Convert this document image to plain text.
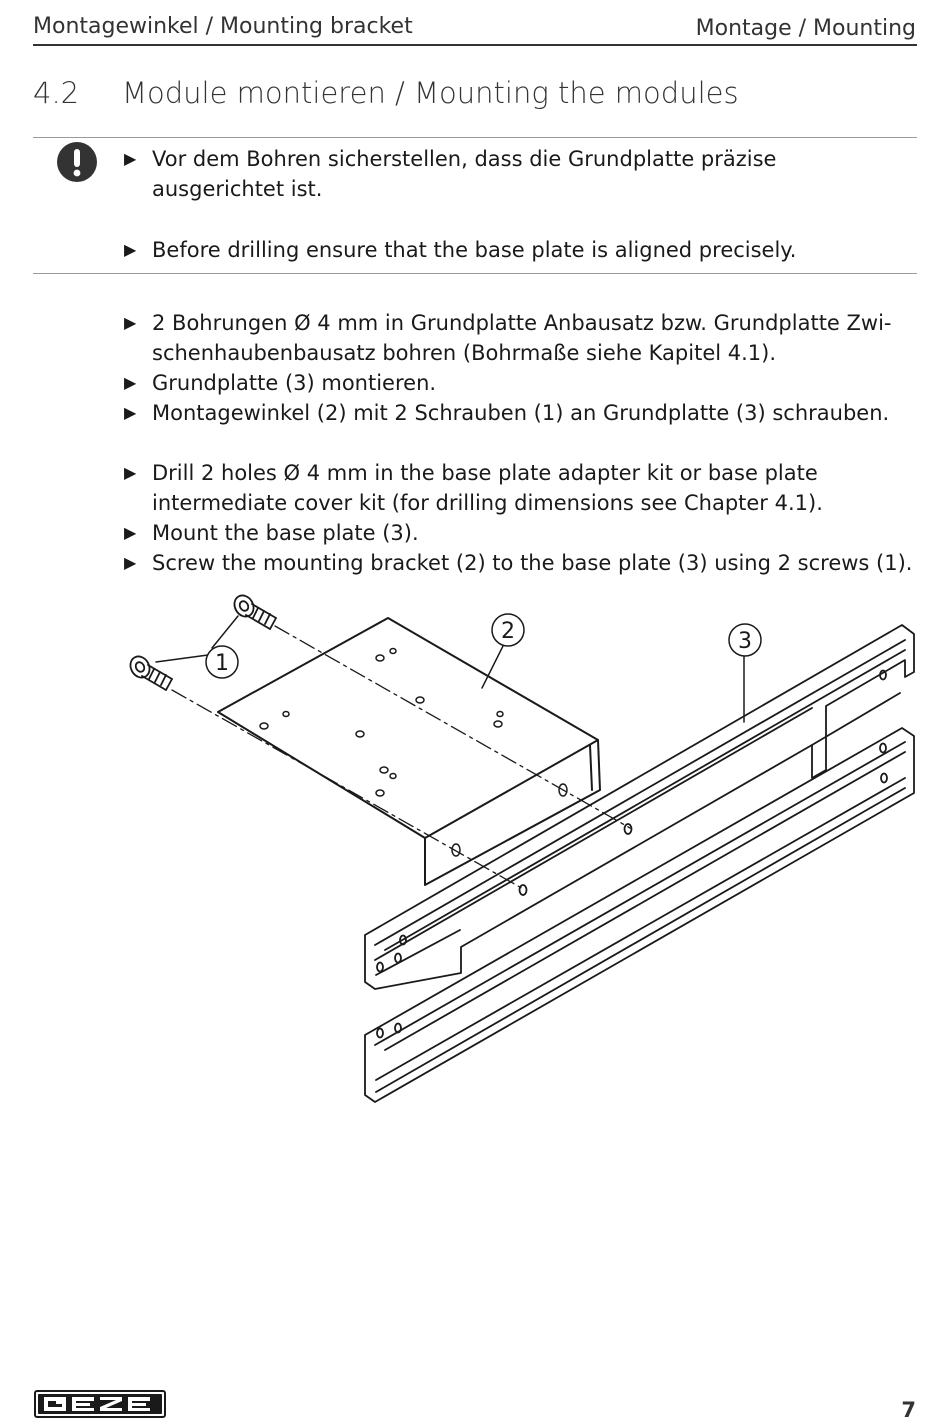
Montagewinkel / Mounting bracket	Montage / Mounting
4.2 Module montieren / Mounting the modules
▶ Vor dem Bohren sicherstellen, dass die Grundplatte präzise ausgerichtet ist.
▶ Before drilling ensure that the base plate is aligned precisely.
▶ 2 Bohrungen Ø 4 mm in Grundplatte Anbausatz bzw. Grundplatte Zwischenhaubenbausatz bohren (Bohrmaße siehe Kapitel 4.1).
▶ Grundplatte (3) montieren.
▶ Montagewinkel (2) mit 2 Schrauben (1) an Grundplatte (3) schrauben.
▶ Drill 2 holes Ø 4 mm in the base plate adapter kit or base plate intermediate cover kit (for drilling dimensions see Chapter 4.1).
▶ Mount the base plate (3).
▶ Screw the mounting bracket (2) to the base plate (3) using 2 screws (1).
1
2	3
7
